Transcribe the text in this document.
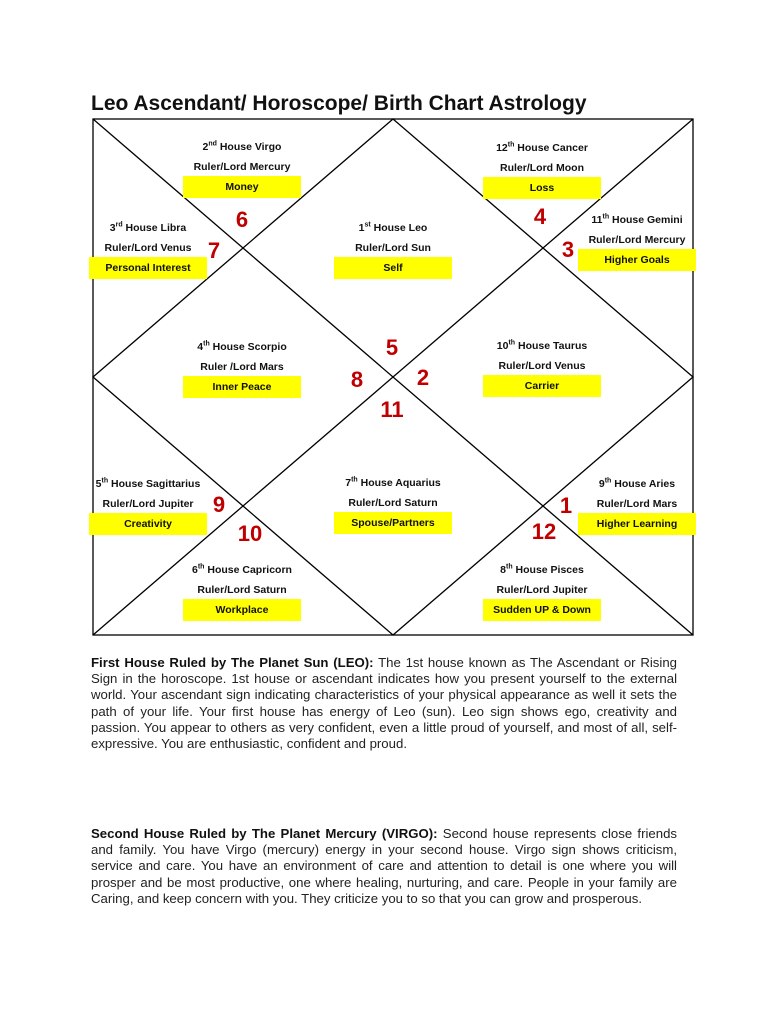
Leo Ascendant/ Horoscope/ Birth Chart Astrology
1st House Leo
Ruler/Lord Sun
Self
2nd House Virgo
Ruler/Lord Mercury
Money
3rd House Libra
Ruler/Lord Venus
Personal Interest
4th House Scorpio
Ruler /Lord Mars
Inner Peace
5th House Sagittarius
Ruler/Lord Jupiter
Creativity
6th House Capricorn
Ruler/Lord Saturn
Workplace
7th House Aquarius
Ruler/Lord Saturn
Spouse/Partners
8th House Pisces
Ruler/Lord Jupiter
Sudden UP & Down
9th House Aries
Ruler/Lord Mars
Higher Learning
10th House Taurus
Ruler/Lord Venus
Carrier
11th House Gemini
Ruler/Lord Mercury
Higher Goals
12th House Cancer
Ruler/Lord Moon
Loss
5
6
7
8
9
10
11
12
1
2
3
4

First House Ruled by The Planet Sun (LEO): The 1st house known as The Ascendant or Rising Sign in the horoscope. 1st house or ascendant indicates how you present yourself to the external world. Your ascendant sign indicating characteristics of your physical appearance as well it sets the path of your life. Your first house has energy of Leo (sun). Leo sign shows ego, creativity and passion. You appear to others as very confident, even a little proud of yourself, and most of all, self-expressive. You are enthusiastic, confident and proud.

Second House Ruled by The Planet Mercury (VIRGO): Second house represents close friends and family. You have Virgo (mercury) energy in your second house. Virgo sign shows criticism, service and care. You have an environment of care and attention to detail is one where you will prosper and be most productive, one where healing, nurturing, and care. People in your family are Caring, and keep concern with you. They criticize you to so that you can grow and prosperous.
